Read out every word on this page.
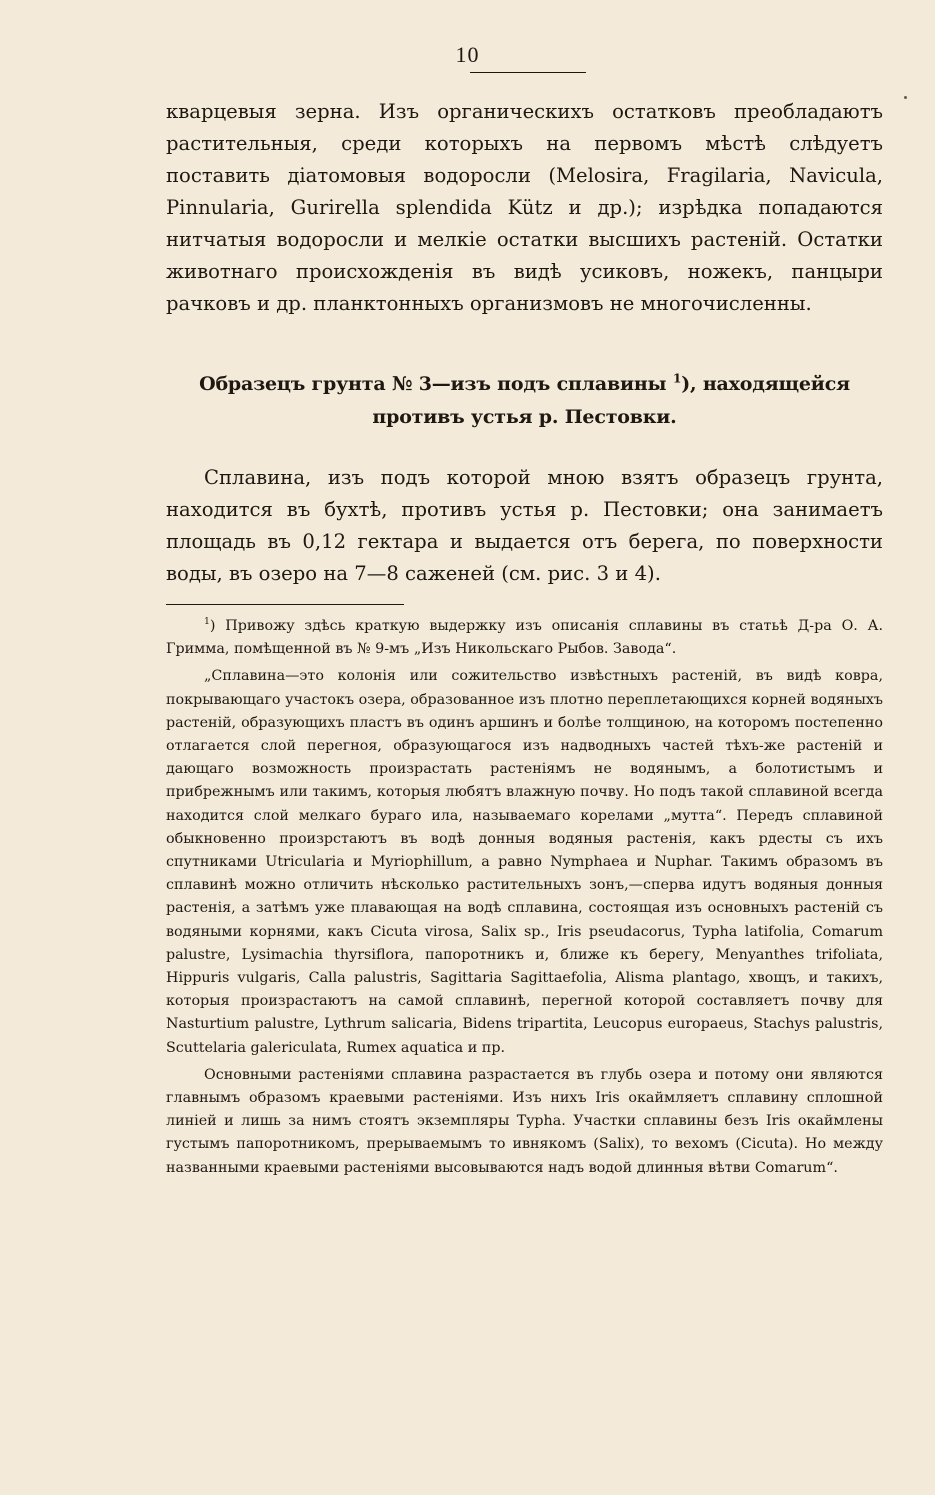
10
кварцевыя зерна. Изъ органическихъ остатковъ преобладаютъ растительныя, среди которыхъ на первомъ мѣстѣ слѣдуетъ поставить діатомовыя водоросли (Melosira, Fragilaria, Navicula, Pinnularia, Gurirella splendida Kütz и др.); изрѣдка попадаются нитчатыя водоросли и мелкіе остатки высшихъ растеній. Остатки животнаго происхожденія въ видѣ усиковъ, ножекъ, панцыри рачковъ и др. планктонныхъ организмовъ не многочисленны.
Образецъ грунта № 3—изъ подъ сплавины $^1$), находящейся противъ устья р. Пестовки.
Сплавина, изъ подъ которой мною взятъ образецъ грунта, находится въ бухтѣ, противъ устья р. Пестовки; она занимаетъ площадь въ 0,12 гектара и выдается отъ берега, по поверхности воды, въ озеро на 7—8 саженей (см. рис. 3 и 4).

$^1$) Привожу здѣсь краткую выдержку изъ описанія сплавины въ статьѣ Д-ра О. А. Гримма, помѣщенной въ № 9-мъ „Изъ Никольскаго Рыбов. Завода“.

„Сплавина—это колонія или сожительство извѣстныхъ растеній, въ видѣ ковра, покрывающаго участокъ озера, образованное изъ плотно переплетающихся корней водяныхъ растеній, образующихъ пластъ въ одинъ аршинъ и болѣе толщиною, на которомъ постепенно отлагается слой перегноя, образующагося изъ надводныхъ частей тѣхъ-же растеній и дающаго возможность произрастать растеніямъ не водянымъ, а болотистымъ и прибрежнымъ или такимъ, которыя любятъ влажную почву. Но подъ такой сплавиной всегда находится слой мелкаго бураго ила, называемаго корелами „мутта“. Передъ сплавиной обыкновенно произрстаютъ въ водѣ донныя водяныя растенія, какъ рдесты съ ихъ спутниками Utricularia и Myriophillum, а равно Nymphaea и Nuphar. Такимъ образомъ въ сплавинѣ можно отличить нѣсколько растительныхъ зонъ,—сперва идутъ водяныя донныя растенія, а затѣмъ уже плавающая на водѣ сплавина, состоящая изъ основныхъ растеній съ водяными корнями, какъ Cicuta virosa, Salix sp., Iris pseudacorus, Typha latifolia, Comarum palustre, Lysimachia thyrsiflora, папоротникъ и, ближе къ берегу, Menyanthes trifoliata, Hippuris vulgaris, Calla palustris, Sagittaria Sagittaefolia, Alisma plantago, хвощъ, и такихъ, которыя произрастаютъ на самой сплавинѣ, перегной которой составляетъ почву для Nasturtium palustre, Lythrum salicaria, Bidens tripartita, Leucopus europaeus, Stachys palustris, Scuttelaria galericulata, Rumex aquatica и пр.

Основными растеніями сплавина разрастается въ глубь озера и потому они являются главнымъ образомъ краевыми растеніями. Изъ нихъ Iris окаймляетъ сплавину сплошной линіей и лишь за нимъ стоятъ экземпляры Typha. Участки сплавины безъ Iris окаймлены густымъ папоротникомъ, прерываемымъ то ивнякомъ (Salix), то вехомъ (Cicuta). Но между названными краевыми растеніями высовываются надъ водой длинныя вѣтви Comarum“.
